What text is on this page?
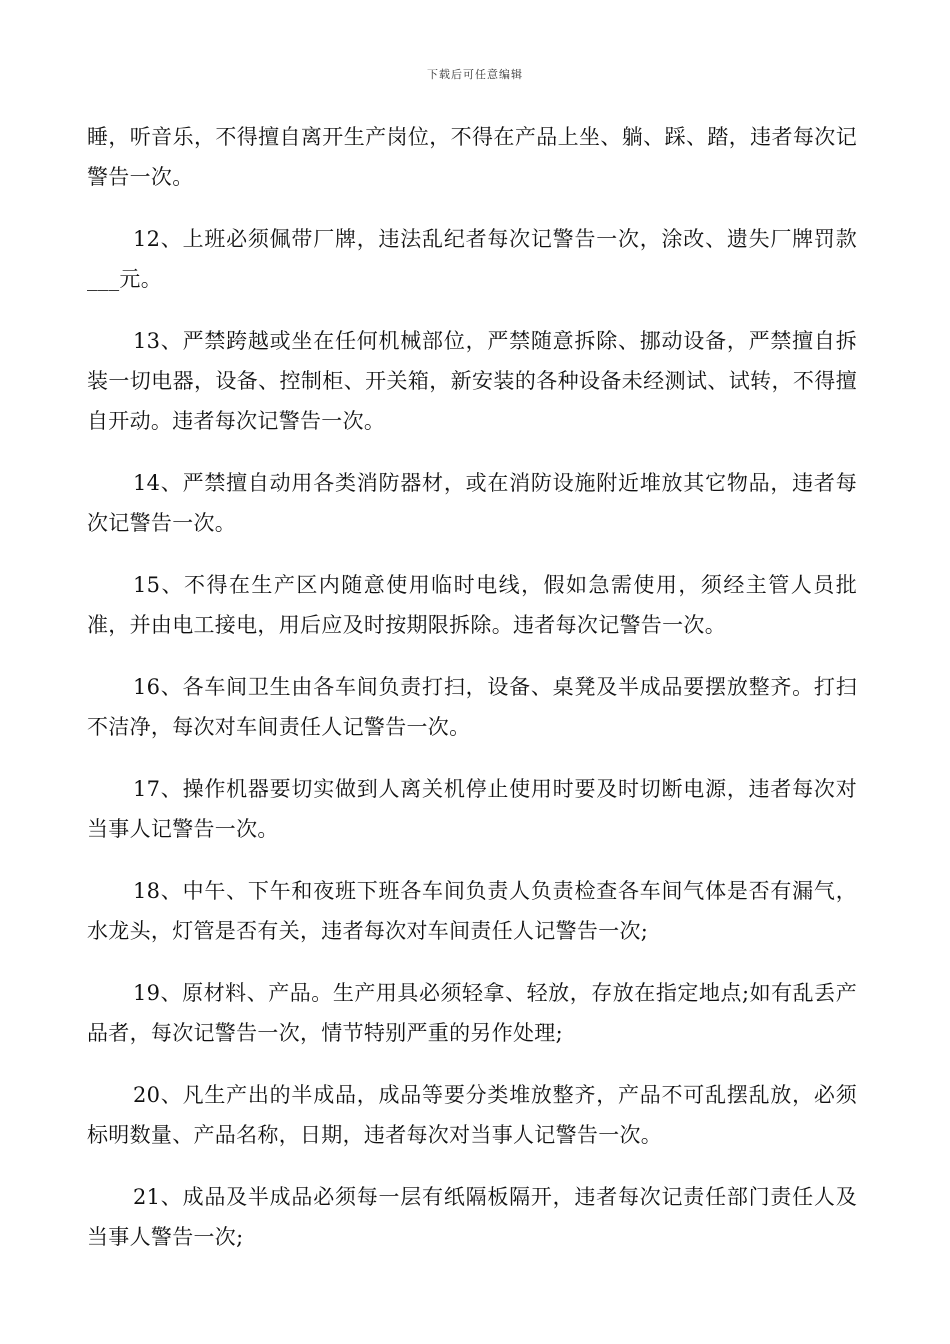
下载后可任意编辑

睡，听音乐，不得擅自离开生产岗位，不得在产品上坐、躺、踩、踏，违者每次记警告一次。

12、上班必须佩带厂牌，违法乱纪者每次记警告一次，涂改、遗失厂牌罚款___元。

13、严禁跨越或坐在任何机械部位，严禁随意拆除、挪动设备，严禁擅自拆装一切电器，设备、控制柜、开关箱，新安装的各种设备未经测试、试转，不得擅自开动。违者每次记警告一次。

14、严禁擅自动用各类消防器材，或在消防设施附近堆放其它物品，违者每次记警告一次。

15、不得在生产区内随意使用临时电线，假如急需使用，须经主管人员批准，并由电工接电，用后应及时按期限拆除。违者每次记警告一次。

16、各车间卫生由各车间负责打扫，设备、桌凳及半成品要摆放整齐。打扫不洁净，每次对车间责任人记警告一次。

17、操作机器要切实做到人离关机停止使用时要及时切断电源，违者每次对当事人记警告一次。

18、中午、下午和夜班下班各车间负责人负责检查各车间气体是否有漏气，水龙头，灯管是否有关，违者每次对车间责任人记警告一次;

19、原材料、产品。生产用具必须轻拿、轻放，存放在指定地点;如有乱丢产品者，每次记警告一次，情节特别严重的另作处理;

20、凡生产出的半成品，成品等要分类堆放整齐，产品不可乱摆乱放，必须标明数量、产品名称，日期，违者每次对当事人记警告一次。

21、成品及半成品必须每一层有纸隔板隔开，违者每次记责任部门责任人及当事人警告一次;
